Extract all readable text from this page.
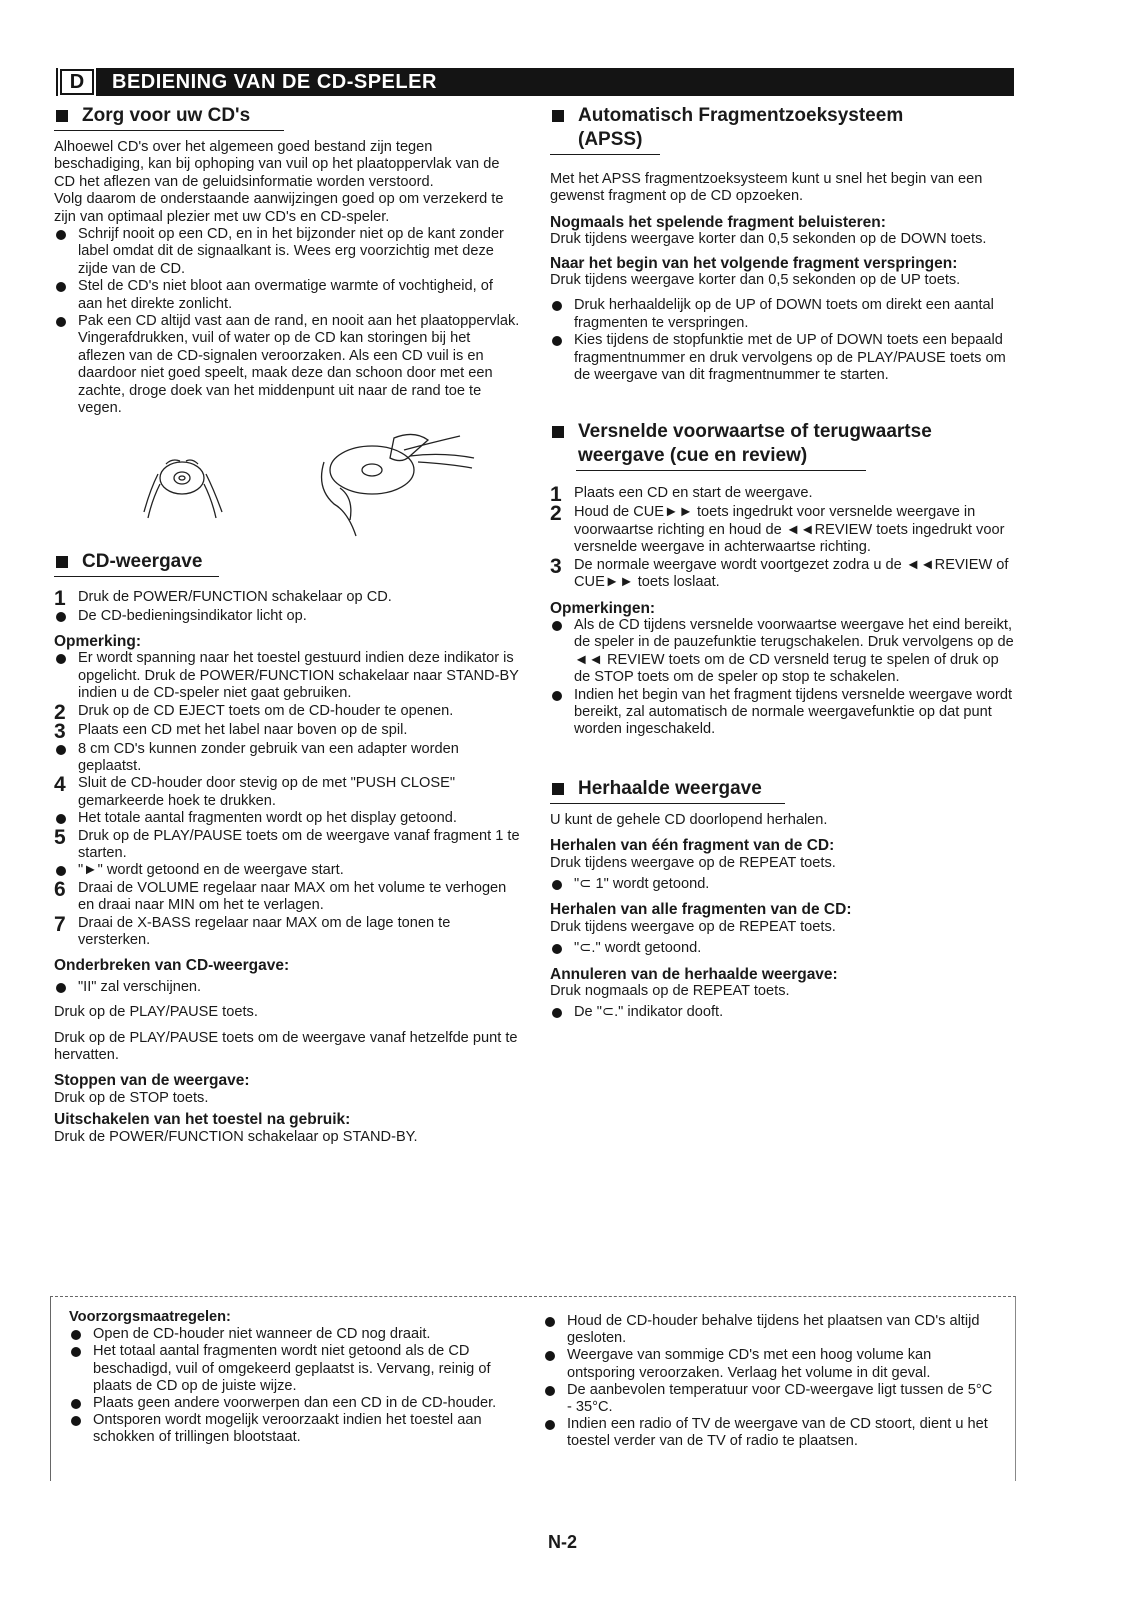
D	BEDIENING VAN DE CD-SPELER
Zorg voor uw CD's

Alhoewel CD's over het algemeen goed bestand zijn tegen beschadiging, kan bij ophoping van vuil op het plaatoppervlak van de CD het aflezen van de geluidsinformatie worden verstoord.

Volg daarom de onderstaande aanwijzingen goed op om verzekerd te zijn van optimaal plezier met uw CD's en CD-speler.

Schrijf nooit op een CD, en in het bijzonder niet op de kant zonder label omdat dit de signaalkant is. Wees erg voorzichtig met deze zijde van de CD.
Stel de CD's niet bloot aan overmatige warmte of vochtigheid, of aan het direkte zonlicht.
Pak een CD altijd vast aan de rand, en nooit aan het plaatoppervlak. Vingerafdrukken, vuil of water op de CD kan storingen bij het aflezen van de CD-signalen veroorzaken. Als een CD vuil is en daardoor niet goed speelt, maak deze dan schoon door met een zachte, droge doek van het middenpunt uit naar de rand toe te vegen.
CD-weergave
1 Druk de POWER/FUNCTION schakelaar op CD.
De CD-bedieningsindikator licht op.

Opmerking:

Er wordt spanning naar het toestel gestuurd indien deze indikator is opgelicht. Druk de POWER/FUNCTION schakelaar naar STAND-BY indien u de CD-speler niet gaat gebruiken.
2 Druk op de CD EJECT toets om de CD-houder te openen.
3 Plaats een CD met het label naar boven op de spil.
8 cm CD's kunnen zonder gebruik van een adapter worden geplaatst.
4 Sluit de CD-houder door stevig op de met "PUSH CLOSE" gemarkeerde hoek te drukken.
Het totale aantal fragmenten wordt op het display getoond.
5 Druk op de PLAY/PAUSE toets om de weergave vanaf fragment 1 te starten.
"►" wordt getoond en de weergave start.
6 Draai de VOLUME regelaar naar MAX om het volume te verhogen en draai naar MIN om het te verlagen.
7 Draai de X-BASS regelaar naar MAX om de lage tonen te versterken.

Onderbreken van CD-weergave:

"II" zal verschijnen.

Druk op de PLAY/PAUSE toets.

Druk op de PLAY/PAUSE toets om de weergave vanaf hetzelfde punt te hervatten.

Stoppen van de weergave:

Druk op de STOP toets.

Uitschakelen van het toestel na gebruik:

Druk de POWER/FUNCTION schakelaar op STAND-BY.

Automatisch Fragmentzoeksysteem
(APSS)

Met het APSS fragmentzoeksysteem kunt u snel het begin van een gewenst fragment op de CD opzoeken.

Nogmaals het spelende fragment beluisteren:

Druk tijdens weergave korter dan 0,5 sekonden op de DOWN toets.

Naar het begin van het volgende fragment verspringen:

Druk tijdens weergave korter dan 0,5 sekonden op de UP toets.

Druk herhaaldelijk op de UP of DOWN toets om direkt een aantal fragmenten te verspringen.
Kies tijdens de stopfunktie met de UP of DOWN toets een bepaald fragmentnummer en druk vervolgens op de PLAY/PAUSE toets om de weergave van dit fragmentnummer te starten.
Versnelde voorwaartse of terugwaartse
weergave (cue en review)
1 Plaats een CD en start de weergave.
2 Houd de CUE►► toets ingedrukt voor versnelde weergave in voorwaartse richting en houd de ◄◄REVIEW toets ingedrukt voor versnelde weergave in achterwaartse richting.
3 De normale weergave wordt voortgezet zodra u de ◄◄REVIEW of CUE►► toets loslaat.

Opmerkingen:

Als de CD tijdens versnelde voorwaartse weergave het eind bereikt, de speler in de pauzefunktie terugschakelen. Druk vervolgens op de ◄◄ REVIEW toets om de CD versneld terug te spelen of druk op de STOP toets om de speler op stop te schakelen.
Indien het begin van het fragment tijdens versnelde weergave wordt bereikt, zal automatisch de normale weergavefunktie op dat punt worden ingeschakeld.
Herhaalde weergave

U kunt de gehele CD doorlopend herhalen.

Herhalen van één fragment van de CD:

Druk tijdens weergave op de REPEAT toets.

"⊂ 1" wordt getoond.

Herhalen van alle fragmenten van de CD:

Druk tijdens weergave op de REPEAT toets.

"⊂." wordt getoond.

Annuleren van de herhaalde weergave:

Druk nogmaals op de REPEAT toets.

De "⊂." indikator dooft.

Voorzorgsmaatregelen:

Open de CD-houder niet wanneer de CD nog draait.
Het totaal aantal fragmenten wordt niet getoond als de CD beschadigd, vuil of omgekeerd geplaatst is. Vervang, reinig of plaats de CD op de juiste wijze.
Plaats geen andere voorwerpen dan een CD in de CD-houder.
Ontsporen wordt mogelijk veroorzaakt indien het toestel aan schokken of trillingen blootstaat.
Houd de CD-houder behalve tijdens het plaatsen van CD's altijd gesloten.
Weergave van sommige CD's met een hoog volume kan ontsporing veroorzaken. Verlaag het volume in dit geval.
De aanbevolen temperatuur voor CD-weergave ligt tussen de 5°C - 35°C.
Indien een radio of TV de weergave van de CD stoort, dient u het toestel verder van de TV of radio te plaatsen.
N-2
